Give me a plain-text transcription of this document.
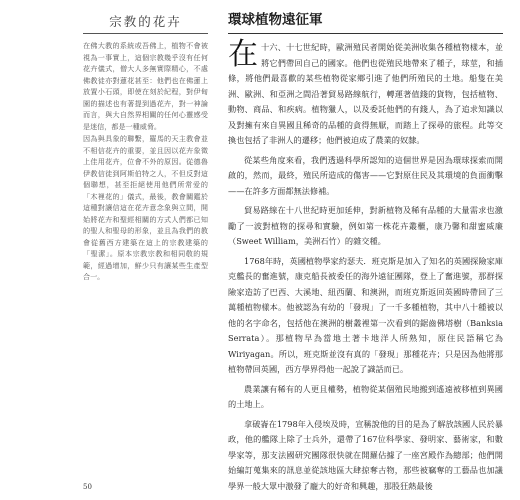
宗教的花卉

在佛大教的系統或吾佛上，植物不會被視為一事實上，這個宗教幾乎沒有任何花卉儀式，僧大人多無實際精心，不處佛教徒亦對蓮花甚至：他們也在佛蓮上放置小石頭，即使在刻於紀程，對伊甸園的描述也有著提到過花卉，對一神論而言，與大自然界相關的任何心靈感受是迷信，都是一種威脅。

因為與具象的聯繫，羅馬的天主教會並不相信花卉的重要，並且因以花卉象徵上佳用花卉，位會不外的原因。從德魯伊教信徒到阿斯伯特之人，不但反對這個聯想，甚至拒絕使用他們所常爱的「木裡花的」儀式，最後，教會關鑑於這種對讓信這在花卉意念象與立間，開始將花卉和聖經相關的方式人們都已知的聖人和聖母的形象，並且為我們的教會從舊西方建築在這上的宗教建築的「聖潔」。原本宗教宗教和相同敬的規範，經過增加，鮮少只有讓某些生產型合一。

環球植物遠征軍

在十六、十七世紀時，歐洲殖民者開始從美洲收集各種植物樣本，並將它們帶回自己的國家。他們也從殖民地帶來了種子，球莖，和插條，將他們最喜歡的某些植物從家鄉引進了他們所殖民的土地。船隻在美洲、歐洲、和亞洲之間沿著貿易路線航行，轉運著值錢的貨物，包括植物、動物、商品、和疾病。植物獵人，以及委託他們的有錢人，為了追求知識以及對擁有來自異國且稀奇的品種的貪得無厭，而踏上了探尋的旅程。此等交換也包括了非洲人的遷移；他們被迫成了農業的奴隸。

從某些角度來看，我們透過科學所認知的這個世界是因為環球探索而開啟的，然而，最終，殖民所造成的傷害——它對原住民及其環境的負面衝擊——在許多方面都無法修補。

貿易路線在十八世紀時更加延伸，對新植物及稀有品種的大量需求也激勵了一波對植物的探尋和實驗，例如第一株花卉叢櫃，康乃馨和甜蜜威廉（Sweet William，美洲石竹）的雜交種。

1768年時，英國植物學家約瑟夫．班克斯是加入了知名的英國探險家庫克艦長的奮進號，康克船長被委任的海外遠征團隊，登上了奮進號，那群探險家造訪了巴西、大溪地、紐西蘭、和澳洲，而班克斯返回英國時帶回了三萬種植物樣本。他被認為有幼的「發現」了一千多種植物，其中八十種被以他的名字命名，包括他在澳洲的樹叢裡第一次看到的鋸齒佛塔樹（Banksia Serrata）。那植物早為當地土著卡地洋人所熟知，原住民語稱它為Wiriyagan。所以，班克斯並沒有真的「發現」那種花卉；只是因為他將那植物帶回英國，西方學界得他一起說了識話而已。

農業讓有稀有的人更且權勢，植物從某個殖民地搬到遙遠被移植到異國的土地上。

拿破崙在1798年入侵埃及時，宣稱說他的目的是為了解放該國人民於暴政，他的艦隊上除了士兵外，還帶了167位科學家、發明家、藝術家，和數學家等，那支法國研究團隊很快就在開羅佔據了一座宮殿作為總部；他們開始編訂蒐集來的訊息並從該地區大肆掠奪古物，那些被竊奪的工藝品也加議學界一般大眾中激發了龐大的好奇和興趣，那股狂熱最後

50
